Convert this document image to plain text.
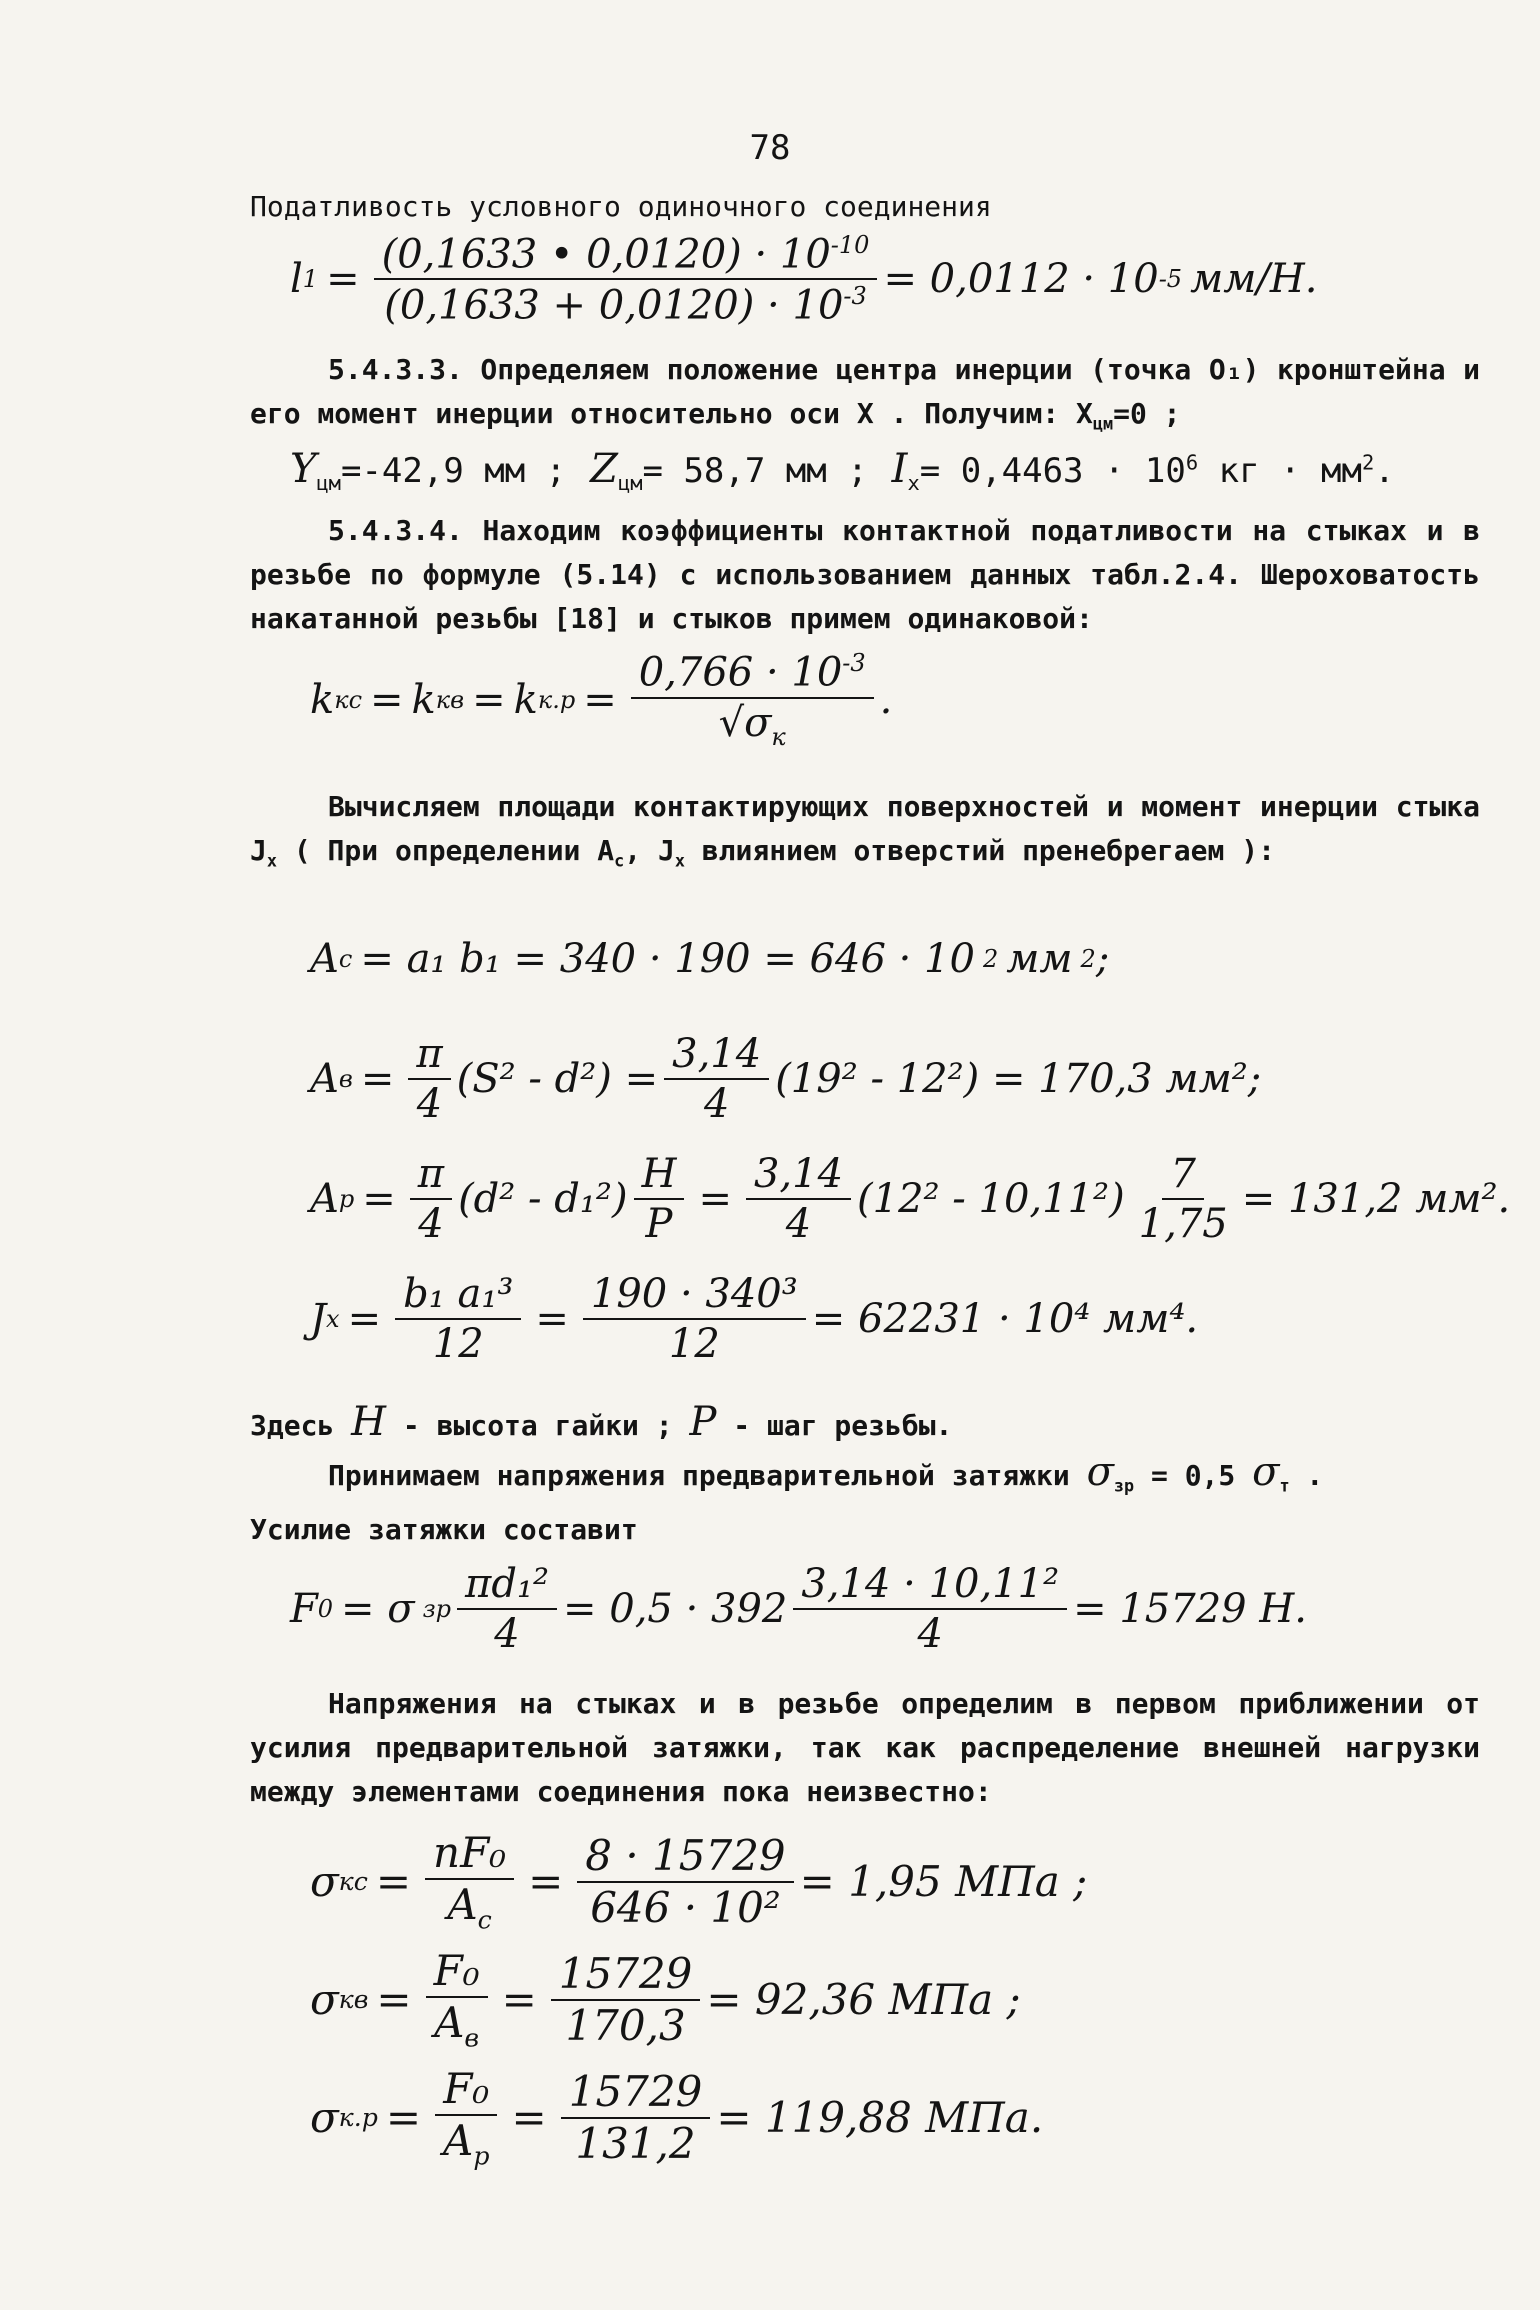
78

Податливость условного одиночного соединения

l $1 = \frac{(0,1633 • 0,0120) \cdot 10^{-10}}{(0,1633 + 0,0120) \cdot 10^{-3}} = 0,0112 \cdot 10$ -5 мм/Н.

5.4.3.3. Определяем положение центра инерции (точка O₁) кронштейна и его момент инерции относительно оси X . Получим: $X_{цм}=0$ ;

$Y_{цм}=-42,9$ мм ; $Z_{цм}= 58,7$ мм ; $I_x= 0,4463 \cdot 10^6$ кг · $мм^2$.

5.4.3.4. Находим коэффициенты контактной податливости на стыках и в резьбе по формуле (5.14) с использованием данных табл.2.4. Шероховатость накатанной резьбы [18] и стыков примем одинаковой:

k кс = k кв = k $к.р = \frac{0,766 \cdot 10^{-3}}{√\sigma_к}$ .

Вычисляем площади контактирующих поверхностей и момент инерции стыка $J_x$ ( При определении $A_c$, $J_x$ влиянием отверстий пренебрегаем ):

A c = a₁ b₁ = 340 · 190 = 646 · 10 2 мм 2 ;
A $в = \frac{\pi}{4} (S^2 - d^2) = \frac{3,14}{4} (19^2 - 12^2) = 170,3$ мм²;
A $p = \frac{\pi}{4} (d^2 - d_1^2) \frac{H}{P} = \frac{3,14}{4} (12^2 - 10,11^2) \frac{7}{1,75} = 131,2$ мм².
J $x = \frac{\text{b₁ a₁³}}{12} = \frac{\text{190 · 340³}}{12} = 62231 \cdot 10^4$ мм⁴.

Здесь H - высота гайки ; P - шаг резьбы.

Принимаем напряжения предварительной затяжки $\sigma_{зр} = 0,5$ $\sigma_т$ .

Усилие затяжки составит

F 0 = σ зр $\frac{\text{πd₁²}}{4} = 0,5 \cdot 392 \frac{\text{3,14 · 10,11²}}{4} = 15729$ Н.

Напряжения на стыках и в резьбе определим в первом приближении от усилия предварительной затяжки, так как распределение внешней нагрузки между элементами соединения пока неизвестно:

σ кс = $\frac{\text{nF₀}}{A_c} = \frac{8 \cdot 15729}{\text{646 · 10²}} = 1,95$ МПа ;
σ кв = $\frac{\text{F₀}}{A_в} = \frac{15729}{170,3} = 92,36$ МПа ;
σ $к.р = \frac{\text{F₀}}{A_p} = \frac{15729}{131,2} = 119,88$ МПа.
